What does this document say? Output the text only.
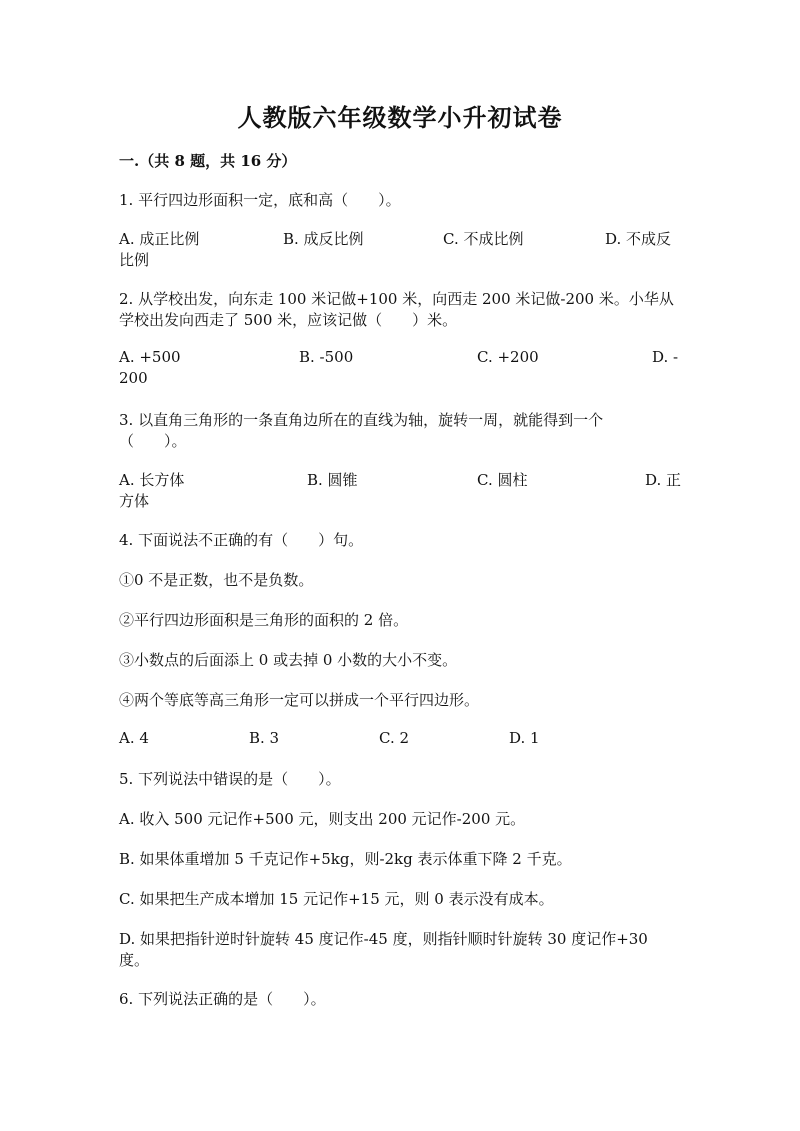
人教版六年级数学小升初试卷
一.（共 8 题，共 16 分）
1. 平行四边形面积一定，底和高（　　）。
A. 成正比例	B. 成反比例	C. 不成比例	D. 不成反
比例
2. 从学校出发，向东走 100 米记做+100 米，向西走 200 米记做-200 米。小华从
学校出发向西走了 500 米，应该记做（　　）米。
A. +500	B. -500	C. +200	D. -
200
3. 以直角三角形的一条直角边所在的直线为轴，旋转一周，就能得到一个
（　　）。
A. 长方体	B. 圆锥	C. 圆柱	D. 正
方体
4. 下面说法不正确的有（　　）句。
①0 不是正数，也不是负数。
②平行四边形面积是三角形的面积的 2 倍。
③小数点的后面添上 0 或去掉 0 小数的大小不变。
④两个等底等高三角形一定可以拼成一个平行四边形。
A. 4	B. 3	C. 2	D. 1
5. 下列说法中错误的是（　　）。
A. 收入 500 元记作+500 元，则支出 200 元记作-200 元。
B. 如果体重增加 5 千克记作+5kg，则-2kg 表示体重下降 2 千克。
C. 如果把生产成本增加 15 元记作+15 元，则 0 表示没有成本。
D. 如果把指针逆时针旋转 45 度记作-45 度，则指针顺时针旋转 30 度记作+30
度。
6. 下列说法正确的是（　　）。
